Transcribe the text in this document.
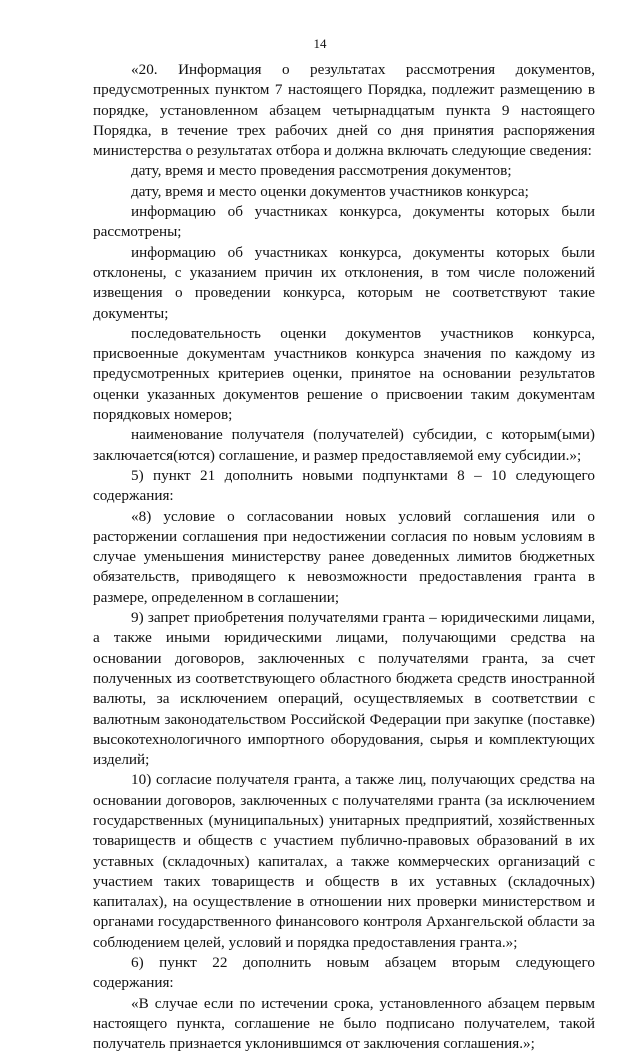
14

«20. Информация о результатах рассмотрения документов, предусмотренных пунктом 7 настоящего Порядка, подлежит размещению в порядке, установленном абзацем четырнадцатым пункта 9 настоящего Порядка, в течение трех рабочих дней со дня принятия распоряжения министерства о результатах отбора и должна включать следующие сведения:

дату, время и место проведения рассмотрения документов;

дату, время и место оценки документов участников конкурса;

информацию об участниках конкурса, документы которых были рассмотрены;

информацию об участниках конкурса, документы которых были отклонены, с указанием причин их отклонения, в том числе положений извещения о проведении конкурса, которым не соответствуют такие документы;

последовательность оценки документов участников конкурса, присвоенные документам участников конкурса значения по каждому из предусмотренных критериев оценки, принятое на основании результатов оценки указанных документов решение о присвоении таким документам порядковых номеров;

наименование получателя (получателей) субсидии, с которым(ыми) заключается(ются) соглашение, и размер предоставляемой ему субсидии.»;

5) пункт 21 дополнить новыми подпунктами 8 – 10 следующего содержания:

«8) условие о согласовании новых условий соглашения или о расторжении соглашения при недостижении согласия по новым условиям в случае уменьшения министерству ранее доведенных лимитов бюджетных обязательств, приводящего к невозможности предоставления гранта в размере, определенном в соглашении;

9) запрет приобретения получателями гранта – юридическими лицами, а также иными юридическими лицами, получающими средства на основании договоров, заключенных с получателями гранта, за счет полученных из соответствующего областного бюджета средств иностранной валюты, за исключением операций, осуществляемых в соответствии с валютным законодательством Российской Федерации при закупке (поставке) высокотехнологичного импортного оборудования, сырья и комплектующих изделий;

10) согласие получателя гранта, а также лиц, получающих средства на основании договоров, заключенных с получателями гранта (за исключением государственных (муниципальных) унитарных предприятий, хозяйственных товариществ и обществ с участием публично-правовых образований в их уставных (складочных) капиталах, а также коммерческих организаций с участием таких товариществ и обществ в их уставных (складочных) капиталах), на осуществление в отношении них проверки министерством и органами государственного финансового контроля Архангельской области за соблюдением целей, условий и порядка предоставления гранта.»;

6) пункт 22 дополнить новым абзацем вторым следующего содержания:

«В случае если по истечении срока, установленного абзацем первым настоящего пункта, соглашение не было подписано получателем, такой получатель признается уклонившимся от заключения соглашения.»;
